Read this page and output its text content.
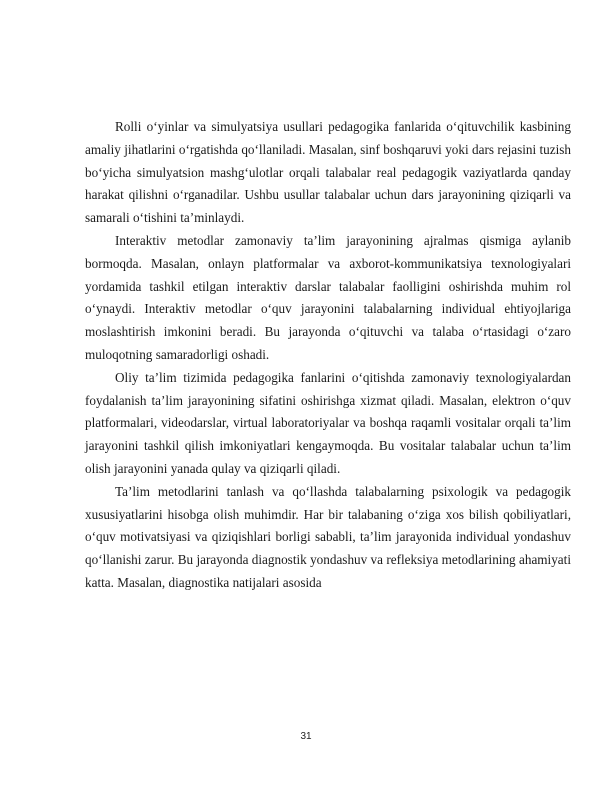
Rolli o‘yinlar va simulyatsiya usullari pedagogika fanlarida o‘qituvchilik kasbining amaliy jihatlarini o‘rgatishda qo‘llaniladi. Masalan, sinf boshqaruvi yoki dars rejasini tuzish bo‘yicha simulyatsion mashg‘ulotlar orqali talabalar real pedagogik vaziyatlarda qanday harakat qilishni o‘rganadilar. Ushbu usullar talabalar uchun dars jarayonining qiziqarli va samarali o‘tishini ta’minlaydi.

Interaktiv metodlar zamonaviy ta’lim jarayonining ajralmas qismiga aylanib bormoqda. Masalan, onlayn platformalar va axborot-kommunikatsiya texnologiyalari yordamida tashkil etilgan interaktiv darslar talabalar faolligini oshirishda muhim rol o‘ynaydi. Interaktiv metodlar o‘quv jarayonini talabalarning individual ehtiyojlariga moslashtirish imkonini beradi. Bu jarayonda o‘qituvchi va talaba o‘rtasidagi o‘zaro muloqotning samaradorligi oshadi.

Oliy ta’lim tizimida pedagogika fanlarini o‘qitishda zamonaviy texnologiyalardan foydalanish ta’lim jarayonining sifatini oshirishga xizmat qiladi. Masalan, elektron o‘quv platformalari, videodarslar, virtual laboratoriyalar va boshqa raqamli vositalar orqali ta’lim jarayonini tashkil qilish imkoniyatlari kengaymoqda. Bu vositalar talabalar uchun ta’lim olish jarayonini yanada qulay va qiziqarli qiladi.

Ta’lim metodlarini tanlash va qo‘llashda talabalarning psixologik va pedagogik xususiyatlarini hisobga olish muhimdir. Har bir talabaning o‘ziga xos bilish qobiliyatlari, o‘quv motivatsiyasi va qiziqishlari borligi sababli, ta’lim jarayonida individual yondashuv qo‘llanishi zarur. Bu jarayonda diagnostik yondashuv va refleksiya metodlarining ahamiyati katta. Masalan, diagnostika natijalari asosida

31
